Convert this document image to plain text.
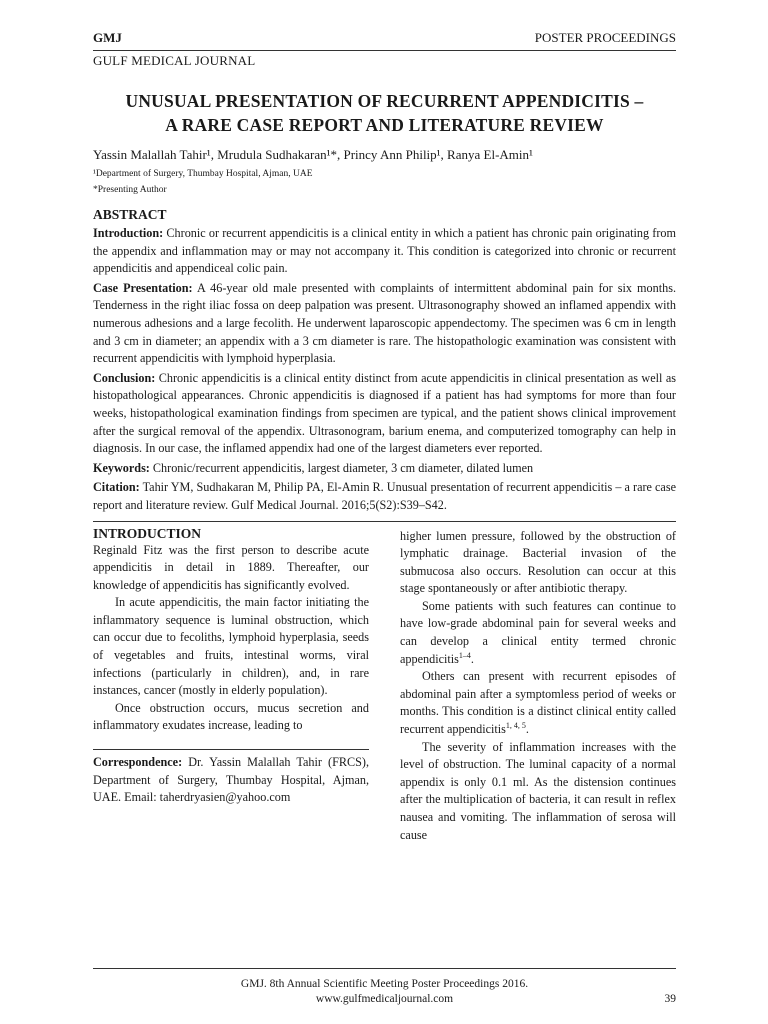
GMJ	POSTER PROCEEDINGS
GULF MEDICAL JOURNAL
UNUSUAL PRESENTATION OF RECURRENT APPENDICITIS –
A RARE CASE REPORT AND LITERATURE REVIEW
Yassin Malallah Tahir¹, Mrudula Sudhakaran¹*, Princy Ann Philip¹, Ranya El-Amin¹
¹Department of Surgery, Thumbay Hospital, Ajman, UAE
*Presenting Author
ABSTRACT
Introduction: Chronic or recurrent appendicitis is a clinical entity in which a patient has chronic pain originating from the appendix and inflammation may or may not accompany it. This condition is categorized into chronic or recurrent appendicitis and appendiceal colic pain.
Case Presentation: A 46-year old male presented with complaints of intermittent abdominal pain for six months. Tenderness in the right iliac fossa on deep palpation was present. Ultrasonography showed an inflamed appendix with numerous adhesions and a large fecolith. He underwent laparoscopic appendectomy. The specimen was 6 cm in length and 3 cm in diameter; an appendix with a 3 cm diameter is rare. The histopathologic examination was consistent with recurrent appendicitis with lymphoid hyperplasia.
Conclusion: Chronic appendicitis is a clinical entity distinct from acute appendicitis in clinical presentation as well as histopathological appearances. Chronic appendicitis is diagnosed if a patient has had symptoms for more than four weeks, histopathological examination findings from specimen are typical, and the patient shows clinical improvement after the surgical removal of the appendix. Ultrasonogram, barium enema, and computerized tomography can help in diagnosis. In our case, the inflamed appendix had one of the largest diameters ever reported.
Keywords: Chronic/recurrent appendicitis, largest diameter, 3 cm diameter, dilated lumen
Citation: Tahir YM, Sudhakaran M, Philip PA, El-Amin R. Unusual presentation of recurrent appendicitis – a rare case report and literature review. Gulf Medical Journal. 2016;5(S2):S39–S42.
INTRODUCTION
Reginald Fitz was the first person to describe acute appendicitis in detail in 1889. Thereafter, our knowledge of appendicitis has significantly evolved.
In acute appendicitis, the main factor initiating the inflammatory sequence is luminal obstruction, which can occur due to fecoliths, lymphoid hyperplasia, seeds of vegetables and fruits, intestinal worms, viral infections (particularly in children), and, in rare instances, cancer (mostly in elderly population).
Once obstruction occurs, mucus secretion and inflammatory exudates increase, leading to
Correspondence: Dr. Yassin Malallah Tahir (FRCS), Department of Surgery, Thumbay Hospital, Ajman, UAE. Email: taherdryasien@yahoo.com
higher lumen pressure, followed by the obstruction of lymphatic drainage. Bacterial invasion of the submucosa also occurs. Resolution can occur at this stage spontaneously or after antibiotic therapy.
Some patients with such features can continue to have low-grade abdominal pain for several weeks and can develop a clinical entity termed chronic appendicitis$^{1-4}$.
Others can present with recurrent episodes of abdominal pain after a symptomless period of weeks or months. This condition is a distinct clinical entity called recurrent appendicitis$^{1, 4, 5}$.
The severity of inflammation increases with the level of obstruction. The luminal capacity of a normal appendix is only 0.1 ml. As the distension continues after the multiplication of bacteria, it can result in reflex nausea and vomiting. The inflammation of serosa will cause
GMJ. 8th Annual Scientific Meeting Poster Proceedings 2016.
www.gulfmedicaljournal.com	39
